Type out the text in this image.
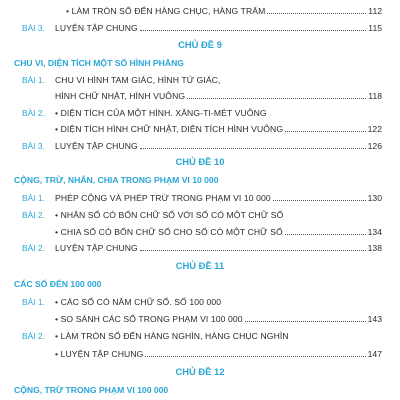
• LÀM TRÒN SỐ ĐẾN HÀNG CHỤC, HÀNG TRĂM	112
BÀI 3. LUYỆN TẬP CHUNG	115
CHỦ ĐỀ 9
CHU VI, DIỆN TÍCH MỘT SỐ HÌNH PHẲNG
BÀI 1. CHU VI HÌNH TAM GIÁC, HÌNH TỨ GIÁC,
HÌNH CHỮ NHẬT, HÌNH VUÔNG	118
BÀI 2. • DIỆN TÍCH CỦA MỘT HÌNH. XĂNG-TI-MÉT VUÔNG
• DIỆN TÍCH HÌNH CHỮ NHẬT, DIỆN TÍCH HÌNH VUÔNG	122
BÀI 3. LUYỆN TẬP CHUNG	126
CHỦ ĐỀ 10
CỘNG, TRỪ, NHÂN, CHIA TRONG PHẠM VI 10 000
BÀI 1. PHÉP CỘNG VÀ PHÉP TRỪ TRONG PHẠM VI 10 000	130
BÀI 2. • NHÂN SỐ CÓ BỐN CHỮ SỐ VỚI SỐ CÓ MỘT CHỮ SỐ
• CHIA SỐ CÓ BỐN CHỮ SỐ CHO SỐ CÓ MỘT CHỮ SỐ	134
BÀI 2. LUYỆN TẬP CHUNG	138
CHỦ ĐỀ 11
CÁC SỐ ĐẾN 100 000
BÀI 1. • CÁC SỐ CÓ NĂM CHỮ SỐ. SỐ 100 000
• SO SÁNH CÁC SỐ TRONG PHẠM VI 100 000	143
BÀI 2. • LÀM TRÒN SỐ ĐẾN HÀNG NGHÌN, HÀNG CHỤC NGHÌN
• LUYỆN TẬP CHUNG	147
CHỦ ĐỀ 12
CỘNG, TRỪ TRONG PHẠM VI 100 000
